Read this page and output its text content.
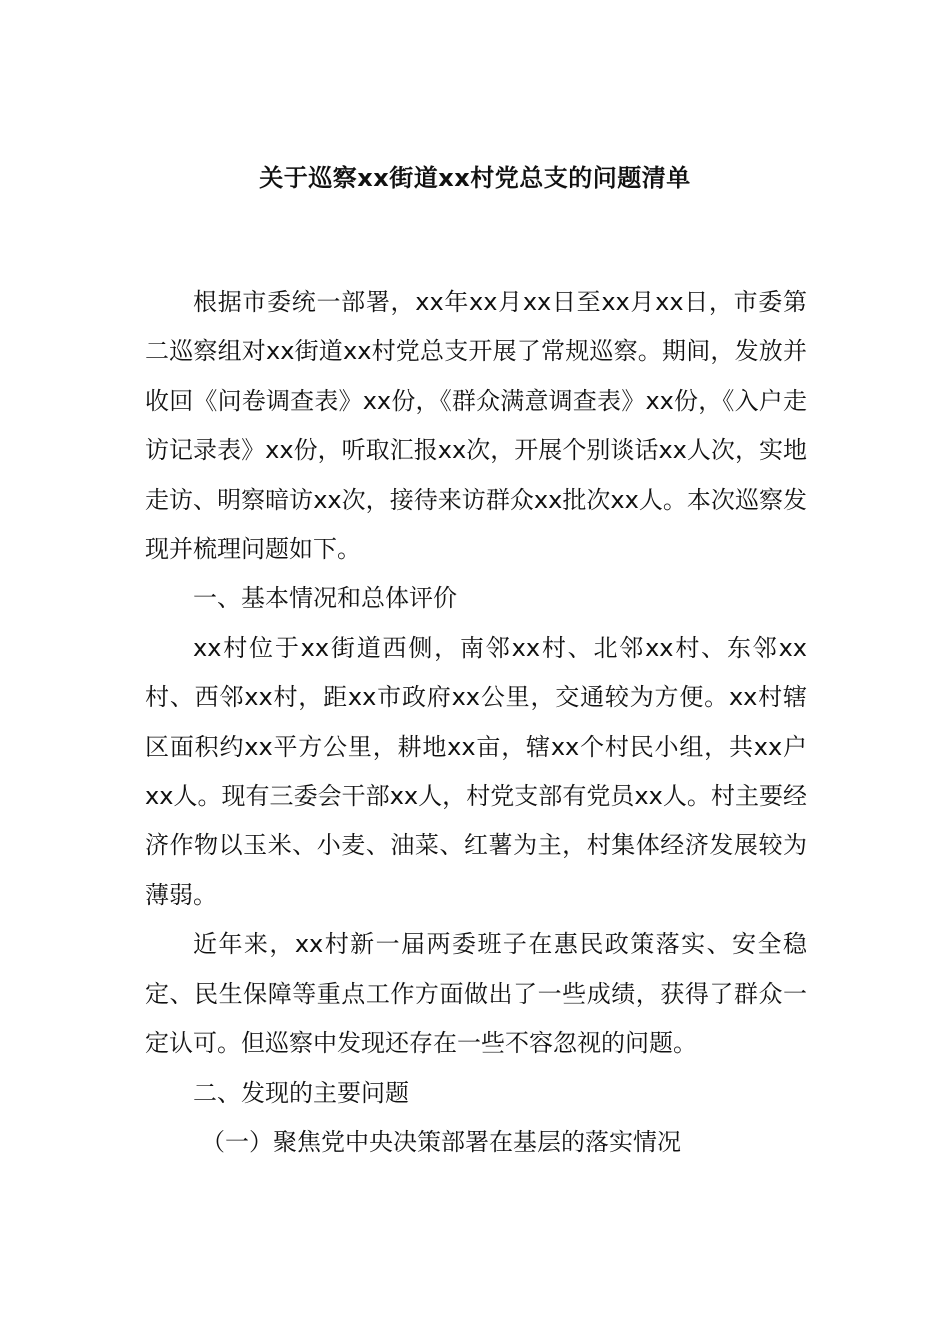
关于巡察xx街道xx村党总支的问题清单

根据市委统一部署，xx年xx月xx日至xx月xx日，市委第二巡察组对xx街道xx村党总支开展了常规巡察。期间，发放并收回《问卷调查表》xx份，《群众满意调查表》xx份，《入户走访记录表》xx份，听取汇报xx次，开展个别谈话xx人次，实地走访、明察暗访xx次，接待来访群众xx批次xx人。本次巡察发现并梳理问题如下。

一、基本情况和总体评价

xx村位于xx街道西侧，南邻xx村、北邻xx村、东邻xx村、西邻xx村，距xx市政府xx公里，交通较为方便。xx村辖区面积约xx平方公里，耕地xx亩，辖xx个村民小组，共xx户xx人。现有三委会干部xx人，村党支部有党员xx人。村主要经济作物以玉米、小麦、油菜、红薯为主，村集体经济发展较为薄弱。

近年来，xx村新一届两委班子在惠民政策落实、安全稳定、民生保障等重点工作方面做出了一些成绩，获得了群众一定认可。但巡察中发现还存在一些不容忽视的问题。

二、发现的主要问题

（一）聚焦党中央决策部署在基层的落实情况
